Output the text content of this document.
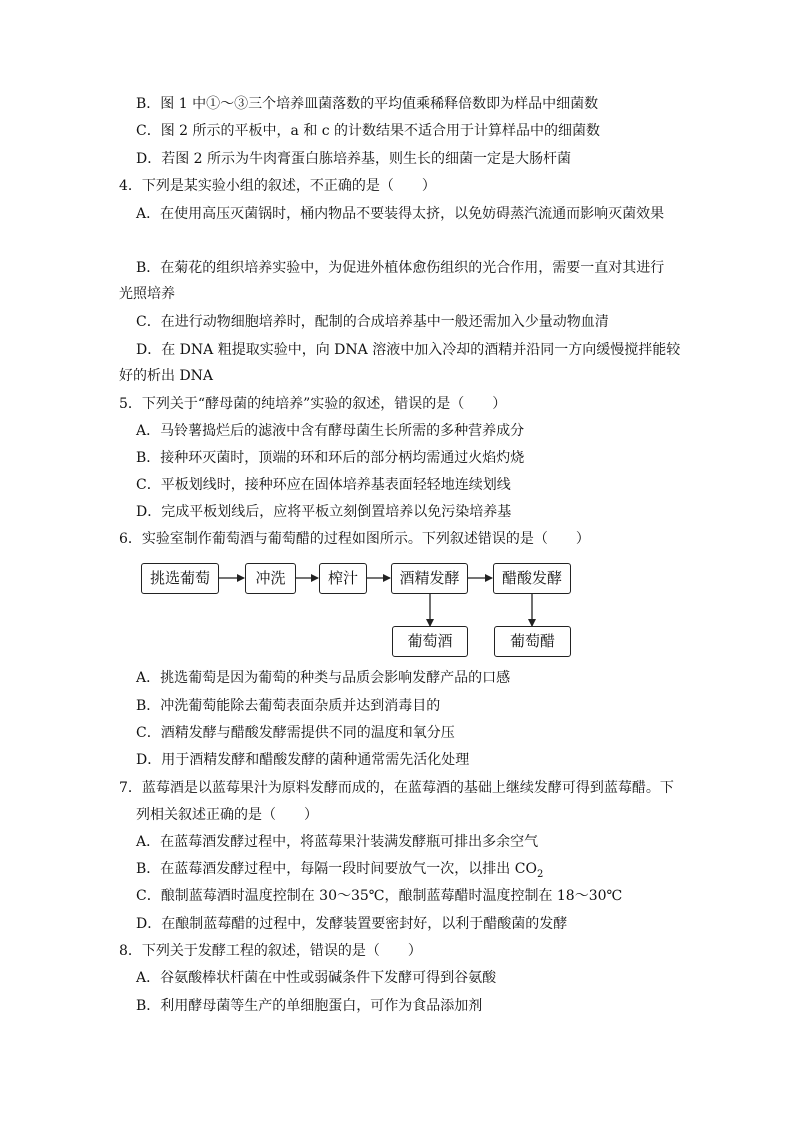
B．图 1 中①～③三个培养皿菌落数的平均值乘稀释倍数即为样品中细菌数

C．图 2 所示的平板中，a 和 c 的计数结果不适合用于计算样品中的细菌数

D．若图 2 所示为牛肉膏蛋白胨培养基，则生长的细菌一定是大肠杆菌

4．下列是某实验小组的叙述，不正确的是（　　）

A．在使用高压灭菌锅时，桶内物品不要装得太挤，以免妨碍蒸汽流通而影响灭菌效果

B．在菊花的组织培养实验中，为促进外植体愈伤组织的光合作用，需要一直对其进行

光照培养

C．在进行动物细胞培养时，配制的合成培养基中一般还需加入少量动物血清

D．在 DNA 粗提取实验中，向 DNA 溶液中加入冷却的酒精并沿同一方向缓慢搅拌能较

好的析出 DNA

5．下列关于“酵母菌的纯培养”实验的叙述，错误的是（　　）

A．马铃薯捣烂后的滤液中含有酵母菌生长所需的多种营养成分

B．接种环灭菌时，顶端的环和环后的部分柄均需通过火焰灼烧

C．平板划线时，接种环应在固体培养基表面轻轻地连续划线

D．完成平板划线后，应将平板立刻倒置培养以免污染培养基

6．实验室制作葡萄酒与葡萄醋的过程如图所示。下列叙述错误的是（　　）

挑选葡萄	冲洗	榨汁	酒精发酵	醋酸发酵
葡萄酒	葡萄醋

A．挑选葡萄是因为葡萄的种类与品质会影响发酵产品的口感

B．冲洗葡萄能除去葡萄表面杂质并达到消毒目的

C．酒精发酵与醋酸发酵需提供不同的温度和氧分压

D．用于酒精发酵和醋酸发酵的菌种通常需先活化处理

7．蓝莓酒是以蓝莓果汁为原料发酵而成的，在蓝莓酒的基础上继续发酵可得到蓝莓醋。下

列相关叙述正确的是（　　）

A．在蓝莓酒发酵过程中，将蓝莓果汁装满发酵瓶可排出多余空气

B．在蓝莓酒发酵过程中，每隔一段时间要放气一次，以排出 $CO_2$

C．酿制蓝莓酒时温度控制在 30～35℃，酿制蓝莓醋时温度控制在 18～30℃

D．在酿制蓝莓醋的过程中，发酵装置要密封好，以利于醋酸菌的发酵

8．下列关于发酵工程的叙述，错误的是（　　）

A．谷氨酸棒状杆菌在中性或弱碱条件下发酵可得到谷氨酸

B．利用酵母菌等生产的单细胞蛋白，可作为食品添加剂
